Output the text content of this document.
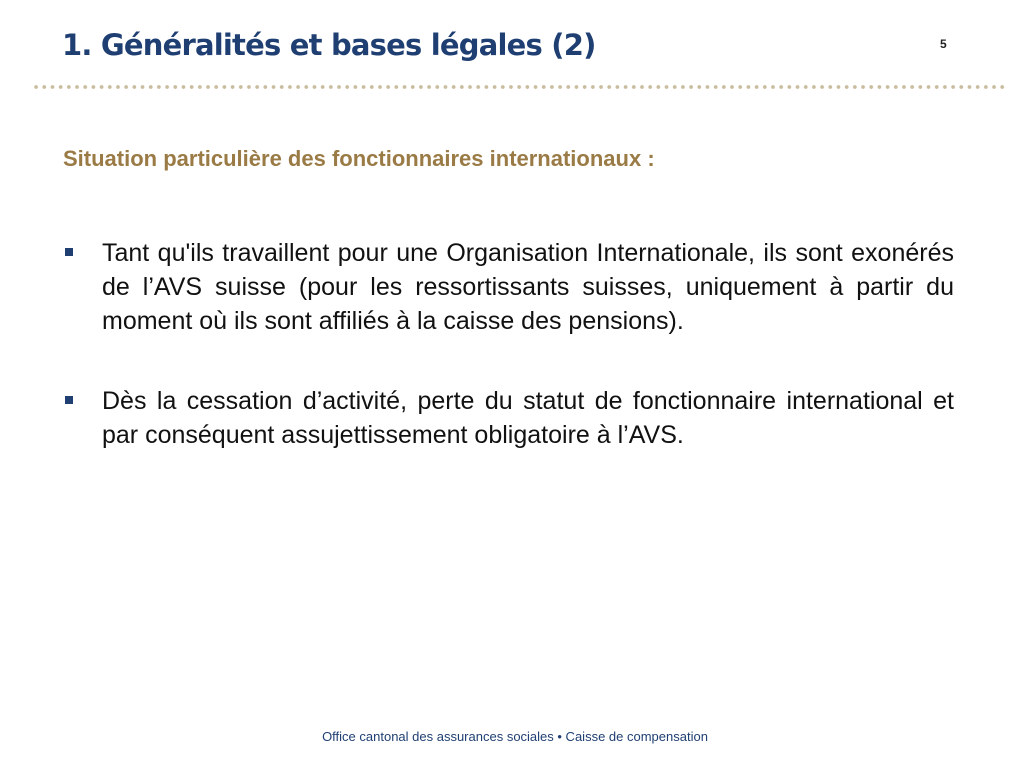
1. Généralités et bases légales (2)	5
Situation particulière des fonctionnaires internationaux :
Tant qu'ils travaillent pour une Organisation Internationale, ils sont exonérés de l’AVS suisse (pour les ressortissants suisses, uniquement à partir du moment où ils sont affiliés à la caisse des pensions).
Dès la cessation d’activité, perte du statut de fonctionnaire international et par conséquent assujettissement obligatoire à l’AVS.
Office cantonal des assurances sociales • Caisse de compensation
